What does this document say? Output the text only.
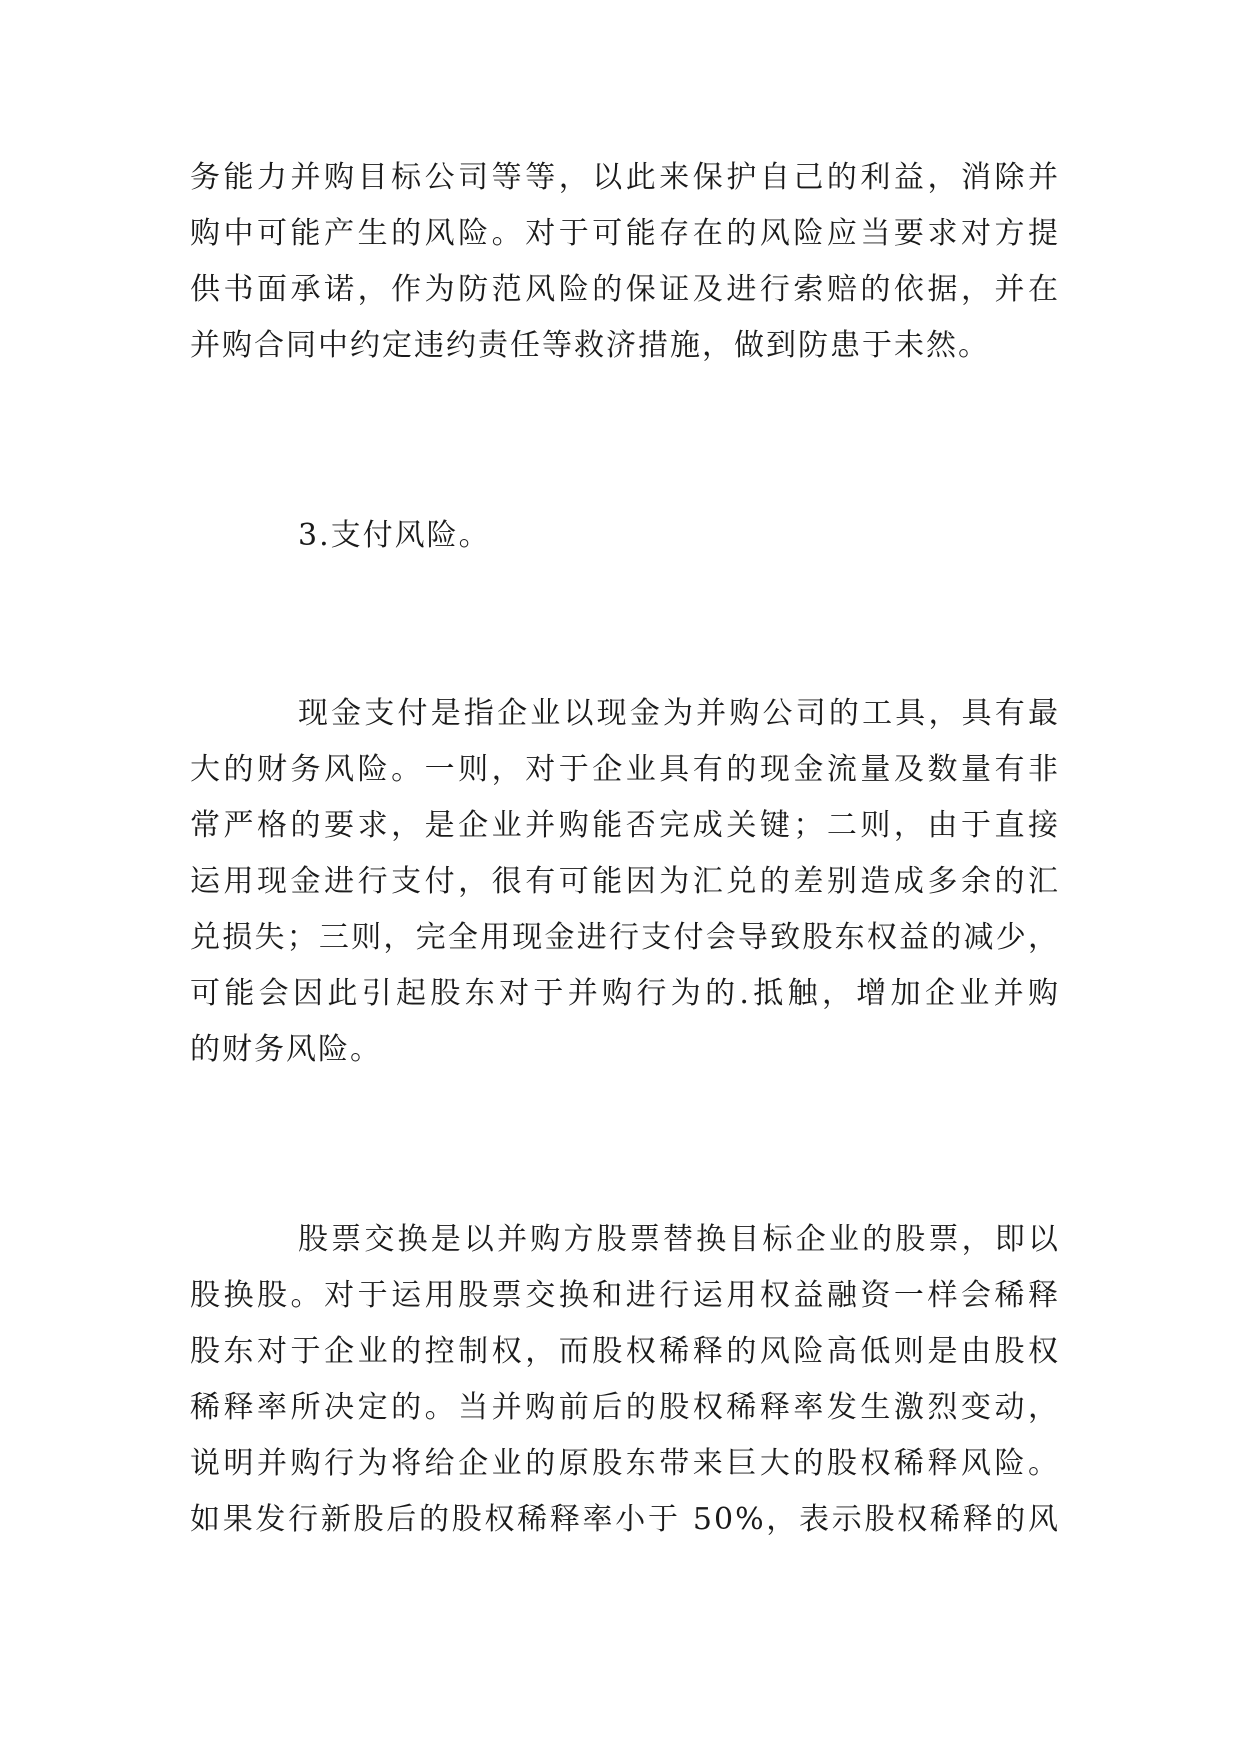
务能力并购目标公司等等，以此来保护自己的利益，消除并
购中可能产生的风险。对于可能存在的风险应当要求对方提
供书面承诺，作为防范风险的保证及进行索赔的依据，并在
并购合同中约定违约责任等救济措施，做到防患于未然。

3.支付风险。

现金支付是指企业以现金为并购公司的工具，具有最
大的财务风险。一则，对于企业具有的现金流量及数量有非
常严格的要求，是企业并购能否完成关键；二则，由于直接
运用现金进行支付，很有可能因为汇兑的差别造成多余的汇
兑损失；三则，完全用现金进行支付会导致股东权益的减少，
可能会因此引起股东对于并购行为的.抵触，增加企业并购
的财务风险。

股票交换是以并购方股票替换目标企业的股票，即以
股换股。对于运用股票交换和进行运用权益融资一样会稀释
股东对于企业的控制权，而股权稀释的风险高低则是由股权
稀释率所决定的。当并购前后的股权稀释率发生激烈变动，
说明并购行为将给企业的原股东带来巨大的股权稀释风险。
如果发行新股后的股权稀释率小于 50%，表示股权稀释的风
